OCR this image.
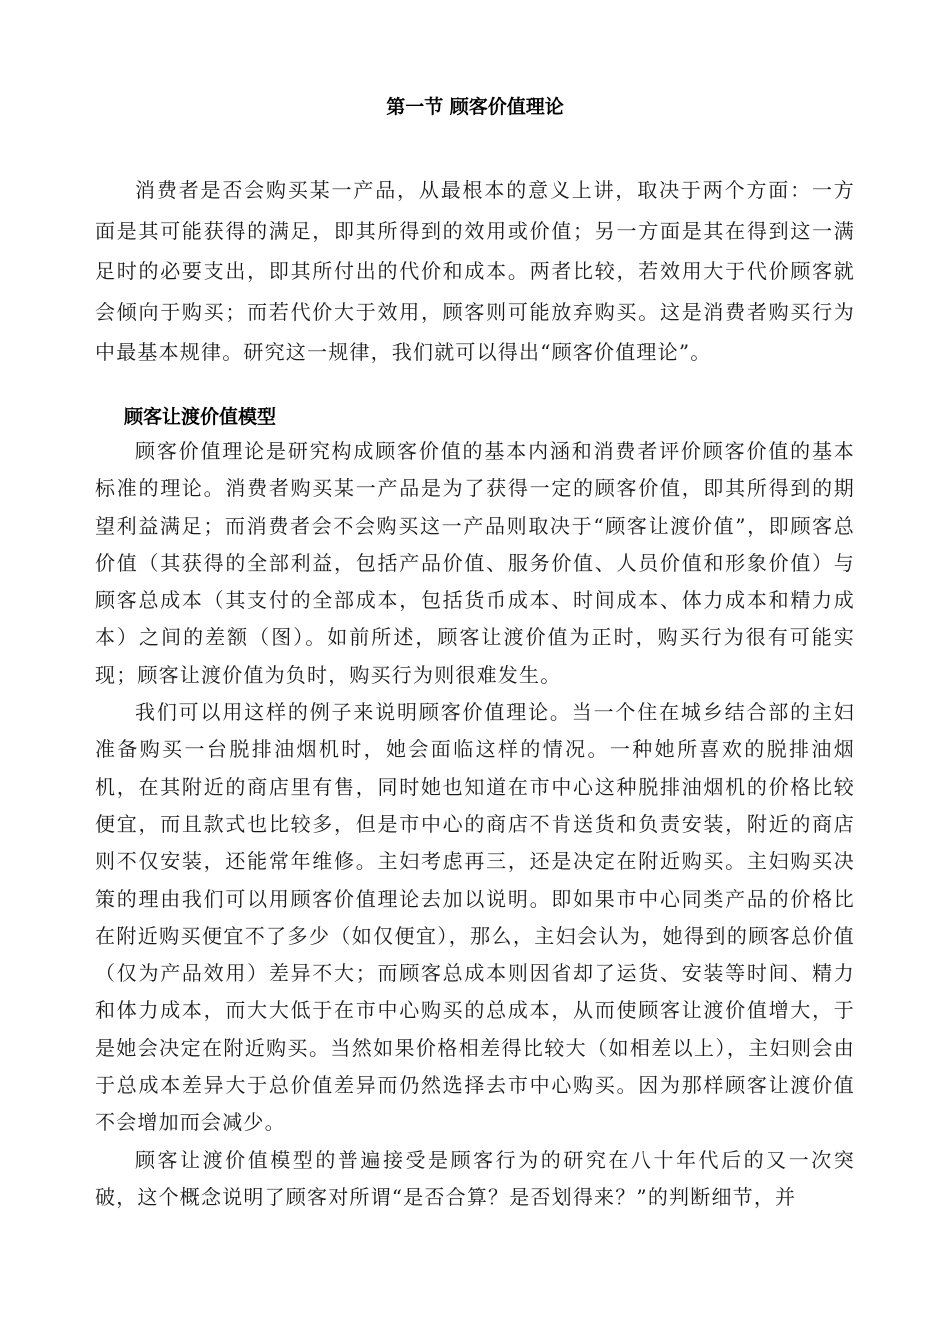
第一节 顾客价值理论

消费者是否会购买某一产品，从最根本的意义上讲，取决于两个方面：一方面是其可能获得的满足，即其所得到的效用或价值；另一方面是其在得到这一满足时的必要支出，即其所付出的代价和成本。两者比较，若效用大于代价顾客就会倾向于购买；而若代价大于效用，顾客则可能放弃购买。这是消费者购买行为中最基本规律。研究这一规律，我们就可以得出“顾客价值理论”。

顾客让渡价值模型

顾客价值理论是研究构成顾客价值的基本内涵和消费者评价顾客价值的基本标准的理论。消费者购买某一产品是为了获得一定的顾客价值，即其所得到的期望利益满足；而消费者会不会购买这一产品则取决于“顾客让渡价值”，即顾客总价值（其获得的全部利益，包括产品价值、服务价值、人员价值和形象价值）与顾客总成本（其支付的全部成本，包括货币成本、时间成本、体力成本和精力成本）之间的差额（图）。如前所述，顾客让渡价值为正时，购买行为很有可能实现；顾客让渡价值为负时，购买行为则很难发生。

我们可以用这样的例子来说明顾客价值理论。当一个住在城乡结合部的主妇准备购买一台脱排油烟机时，她会面临这样的情况。一种她所喜欢的脱排油烟机，在其附近的商店里有售，同时她也知道在市中心这种脱排油烟机的价格比较便宜，而且款式也比较多，但是市中心的商店不肯送货和负责安装，附近的商店则不仅安装，还能常年维修。主妇考虑再三，还是决定在附近购买。主妇购买决策的理由我们可以用顾客价值理论去加以说明。即如果市中心同类产品的价格比在附近购买便宜不了多少（如仅便宜），那么，主妇会认为，她得到的顾客总价值（仅为产品效用）差异不大；而顾客总成本则因省却了运货、安装等时间、精力和体力成本，而大大低于在市中心购买的总成本，从而使顾客让渡价值增大，于是她会决定在附近购买。当然如果价格相差得比较大（如相差以上），主妇则会由于总成本差异大于总价值差异而仍然选择去市中心购买。因为那样顾客让渡价值不会增加而会减少。

顾客让渡价值模型的普遍接受是顾客行为的研究在八十年代后的又一次突破，这个概念说明了顾客对所谓“是否合算？是否划得来？”的判断细节，并
